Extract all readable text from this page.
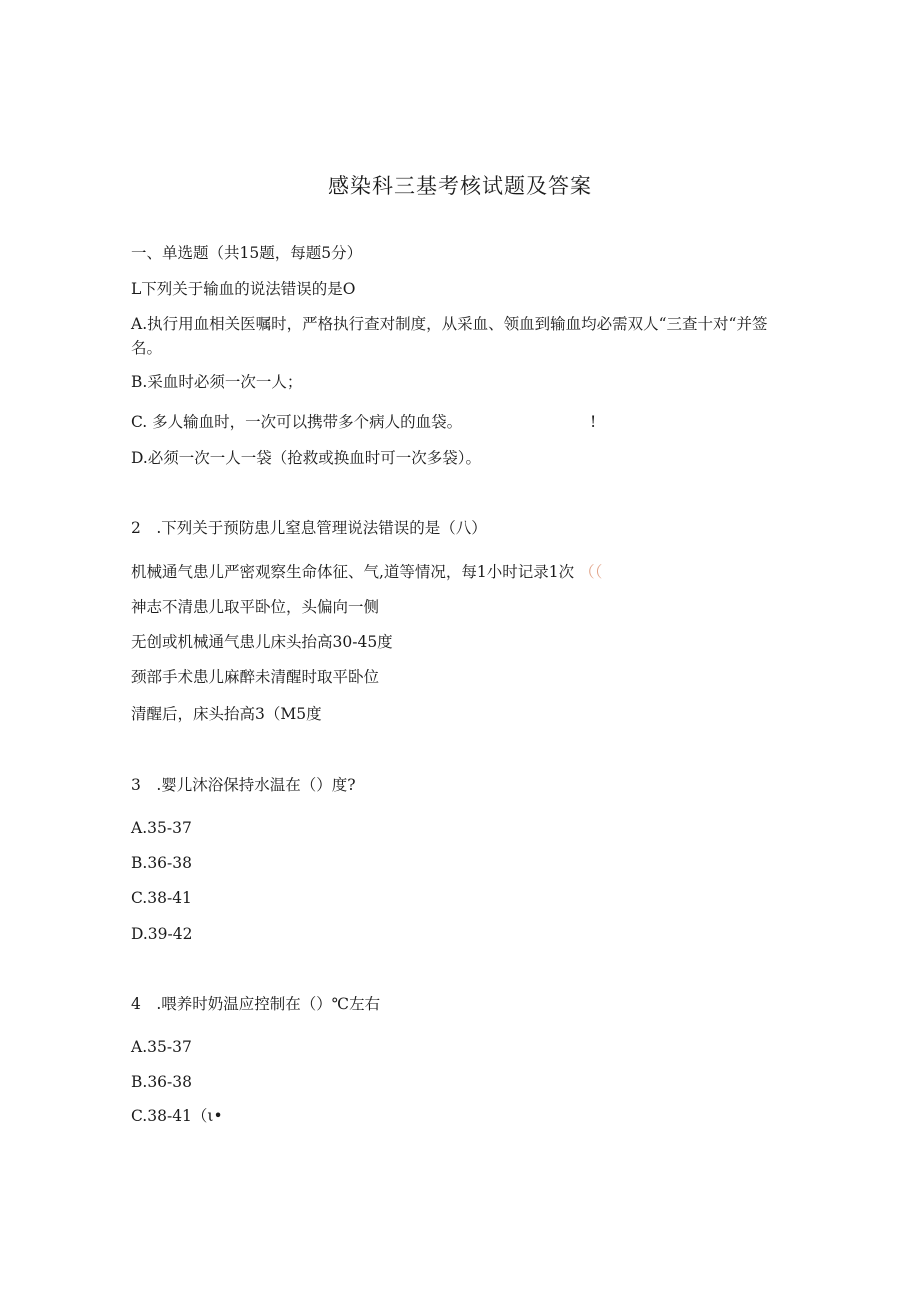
感染科三基考核试题及答案
一、单选题（共15题，每题5分）
L下列关于输血的说法错误的是O
A.执行用血相关医嘱时，严格执行查对制度，从采血、领血到输血均必需双人“三查十对“并签名。
B.采血时必须一次一人；
C. 多人输血时，一次可以携带多个病人的血袋。	!
D.必须一次一人一袋（抢救或换血时可一次多袋）。
2　.下列关于预防患儿窒息管理说法错误的是（八）
机械通气患儿严密观察生命体征、气,道等情况，每1小时记录1次 （（
神志不清患儿取平卧位，头偏向一侧
无创或机械通气患儿床头抬高30-45度
颈部手术患儿麻醉未清醒时取平卧位
清醒后，床头抬高3（M5度
3　.婴儿沐浴保持水温在（）度?
A.35-37
B.36-38
C.38-41
D.39-42
4　.喂养时奶温应控制在（）℃左右
A.35-37
B.36-38
C.38-41（ι•
